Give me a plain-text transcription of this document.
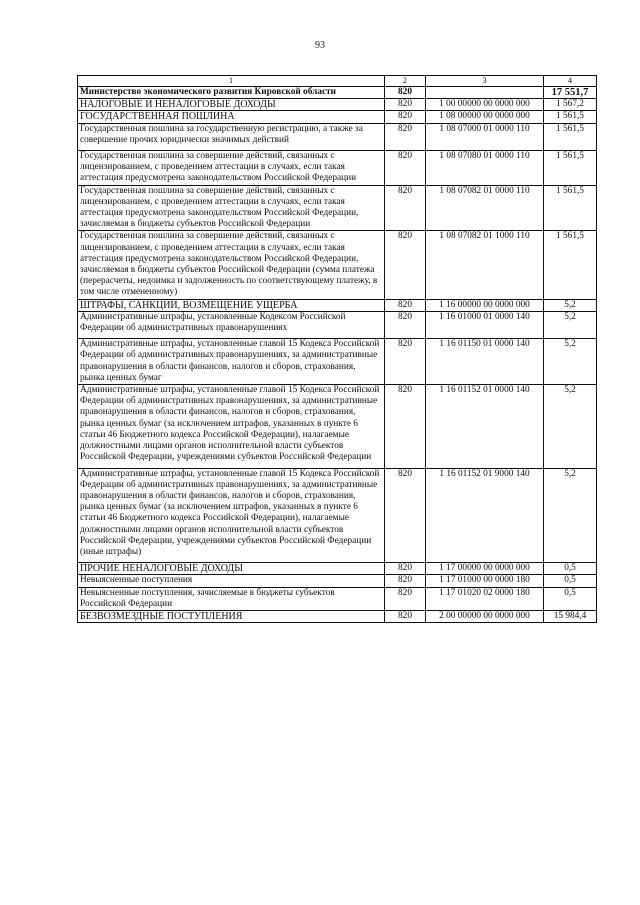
93
1	2	3	4
Министерство экономического развития Кировской области	820		17 551,7
НАЛОГОВЫЕ И НЕНАЛОГОВЫЕ ДОХОДЫ	820	1 00 00000 00 0000 000	1 567,2
ГОСУДАРСТВЕННАЯ ПОШЛИНА	820	1 08 00000 00 0000 000	1 561,5
Государственная пошлина за государственную регистрацию, а также за совершение прочих юридически значимых действий	820	1 08 07000 01 0000 110	1 561,5
Государственная пошлина за совершение действий, связанных с лицензированием, с проведением аттестации в случаях, если такая аттестация предусмотрена законодательством Российской Федерации	820	1 08 07080 01 0000 110	1 561,5
Государственная пошлина за совершение действий, связанных с лицензированием, с проведением аттестации в случаях, если такая аттестация предусмотрена законодательством Российской Федерации, зачисляемая в бюджеты субъектов Российской Федерации	820	1 08 07082 01 0000 110	1 561,5
Государственная пошлина за совершение действий, связанных с лицензированием, с проведением аттестации в случаях, если такая аттестация предусмотрена законодательством Российской Федерации, зачисляемая в бюджеты субъектов Российской Федерации (сумма платежа (перерасчеты, недоимка и задолженность по соответствующему платежу, в том числе отмененному)	820	1 08 07082 01 1000 110	1 561,5
ШТРАФЫ, САНКЦИИ, ВОЗМЕЩЕНИЕ УЩЕРБА	820	1 16 00000 00 0000 000	5,2
Административные штрафы, установленные Кодексом Российской Федерации об административных правонарушениях	820	1 16 01000 01 0000 140	5,2
Административные штрафы, установленные главой 15 Кодекса Российской Федерации об административных правонарушениях, за административные правонарушения в области финансов, налогов и сборов, страхования, рынка ценных бумаг	820	1 16 01150 01 0000 140	5,2
Административные штрафы, установленные главой 15 Кодекса Российской Федерации об административных правонарушениях, за административные правонарушения в области финансов, налогов и сборов, страхования, рынка ценных бумаг (за исключением штрафов, указанных в пункте 6 статьи 46 Бюджетного кодекса Российской Федерации), налагаемые должностными лицами органов исполнительной власти субъектов Российской Федерации, учреждениями субъектов Российской Федерации	820	1 16 01152 01 0000 140	5,2
Административные штрафы, установленные главой 15 Кодекса Российской Федерации об административных правонарушениях, за административные правонарушения в области финансов, налогов и сборов, страхования, рынка ценных бумаг (за исключением штрафов, указанных в пункте 6 статьи 46 Бюджетного кодекса Российской Федерации), налагаемые должностными лицами органов исполнительной власти субъектов Российской Федерации, учреждениями субъектов Российской Федерации (иные штрафы)	820	1 16 01152 01 9000 140	5,2
ПРОЧИЕ НЕНАЛОГОВЫЕ ДОХОДЫ	820	1 17 00000 00 0000 000	0,5
Невыясненные поступления	820	1 17 01000 00 0000 180	0,5
Невыясненные поступления, зачисляемые в бюджеты субъектов Российской Федерации	820	1 17 01020 02 0000 180	0,5
БЕЗВОЗМЕЗДНЫЕ ПОСТУПЛЕНИЯ	820	2 00 00000 00 0000 000	15 984,4
